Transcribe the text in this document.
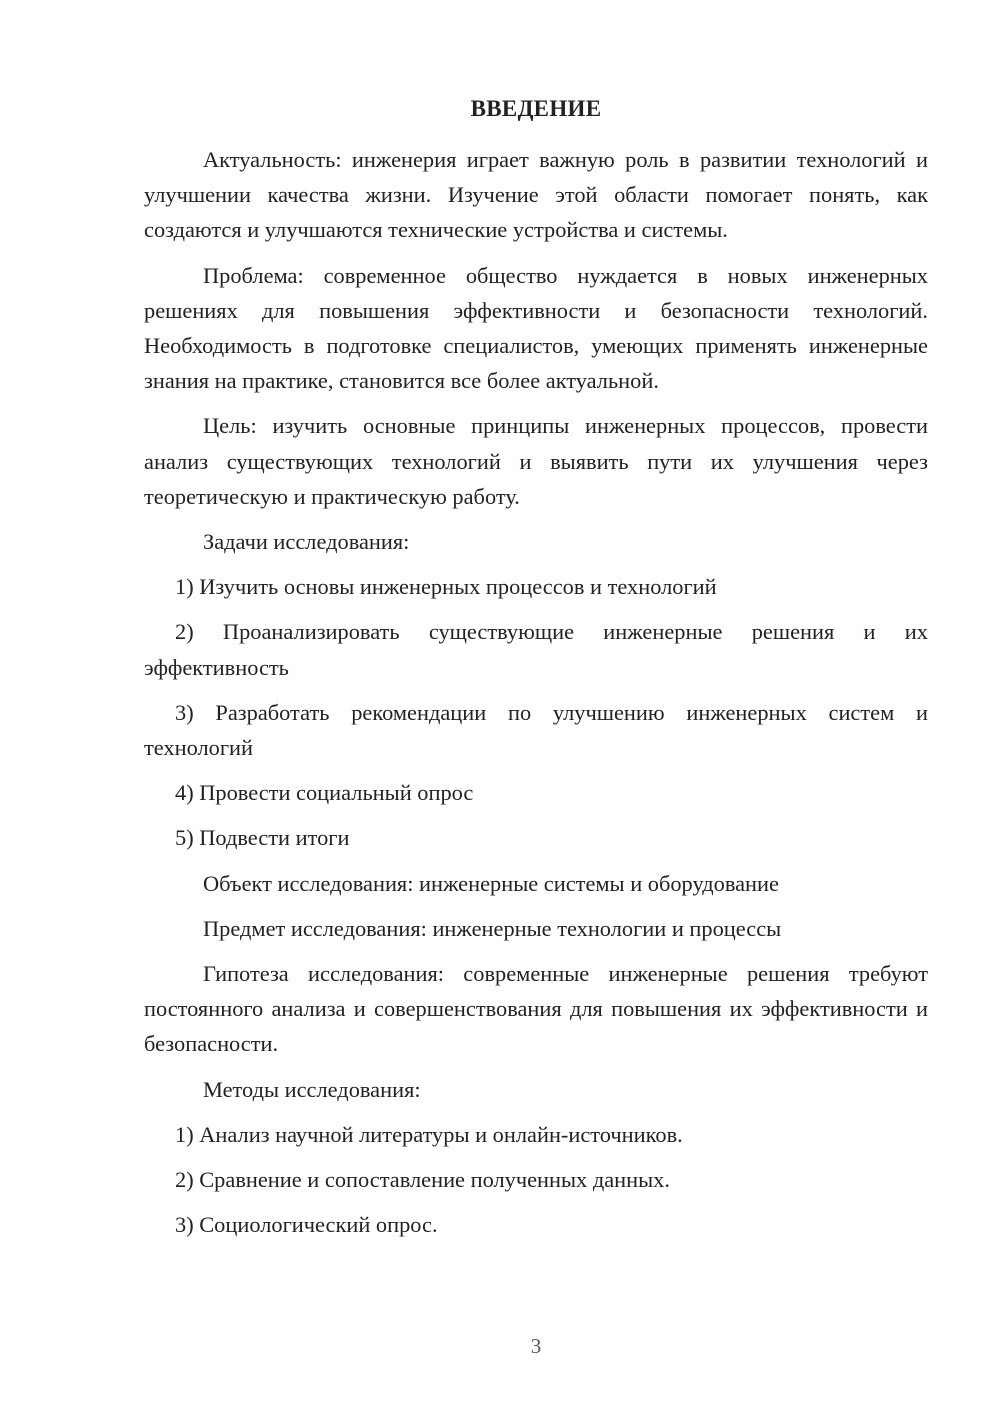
ВВЕДЕНИЕ

Актуальность: инженерия играет важную роль в развитии технологий и улучшении качества жизни. Изучение этой области помогает понять, как создаются и улучшаются технические устройства и системы.

Проблема: современное общество нуждается в новых инженерных решениях для повышения эффективности и безопасности технологий. Необходимость в подготовке специалистов, умеющих применять инженерные знания на практике, становится все более актуальной.

Цель: изучить основные принципы инженерных процессов, провести анализ существующих технологий и выявить пути их улучшения через теоретическую и практическую работу.

Задачи исследования:

1) Изучить основы инженерных процессов и технологий

2) Проанализировать существующие инженерные решения и их эффективность

3) Разработать рекомендации по улучшению инженерных систем и технологий

4) Провести социальный опрос

5) Подвести итоги

Объект исследования: инженерные системы и оборудование

Предмет исследования: инженерные технологии и процессы

Гипотеза исследования: современные инженерные решения требуют постоянного анализа и совершенствования для повышения их эффективности и безопасности.

Методы исследования:

1) Анализ научной литературы и онлайн-источников.

2) Сравнение и сопоставление полученных данных.

3) Социологический опрос.

3
